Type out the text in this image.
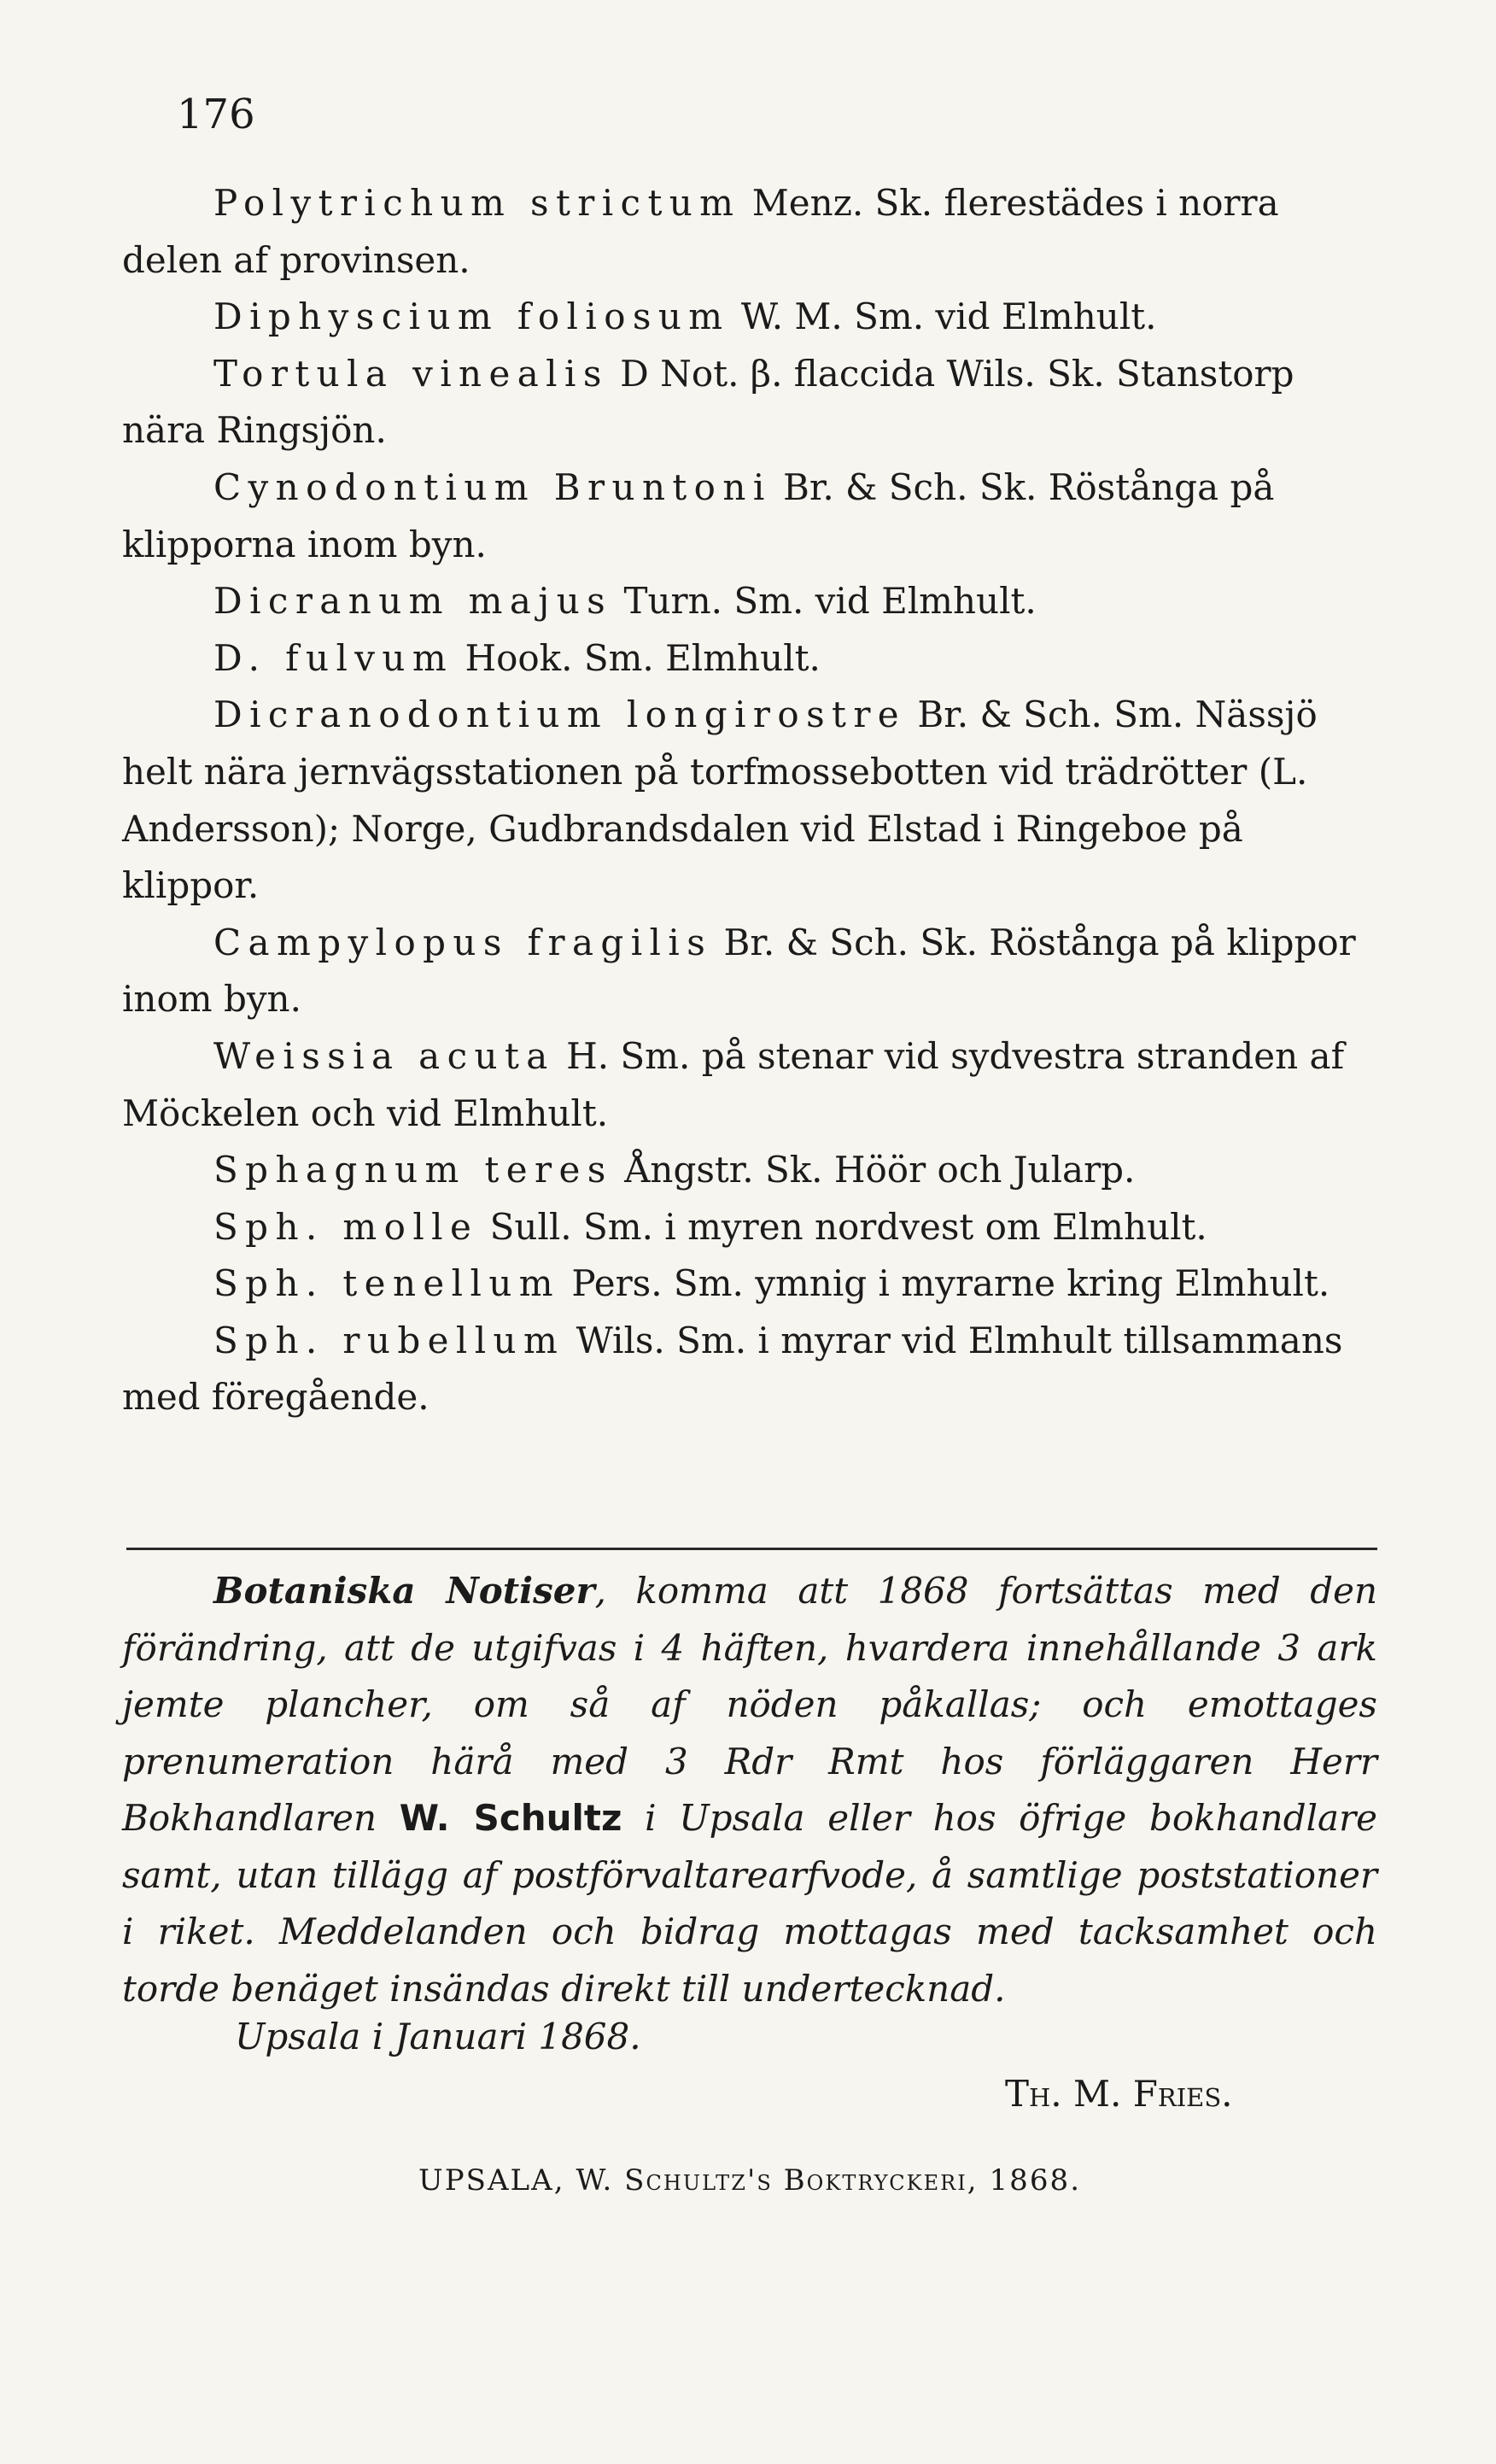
176

Polytrichum strictum Menz. Sk. flerestädes i norra delen af provinsen.

Diphyscium foliosum W. M. Sm. vid Elmhult.

Tortula vinealis D Not. β. flaccida Wils. Sk. Stanstorp nära Ringsjön.

Cynodontium Bruntoni Br. & Sch. Sk. Röstånga på klipporna inom byn.

Dicranum majus Turn. Sm. vid Elmhult.

D. fulvum Hook. Sm. Elmhult.

Dicranodontium longirostre Br. & Sch. Sm. Nässjö helt nära jernvägsstationen på torfmossebotten vid trädrötter (L. Andersson); Norge, Gudbrandsdalen vid Elstad i Ringeboe på klippor.

Campylopus fragilis Br. & Sch. Sk. Röstånga på klippor inom byn.

Weissia acuta H. Sm. på stenar vid sydvestra stranden af Möckelen och vid Elmhult.

Sphagnum teres Ångstr. Sk. Höör och Jularp.

Sph. molle Sull. Sm. i myren nordvest om Elmhult.

Sph. tenellum Pers. Sm. ymnig i myrarne kring Elmhult.

Sph. rubellum Wils. Sm. i myrar vid Elmhult tillsammans med föregående.

Botaniska Notiser, komma att 1868 fortsättas med den förändring, att de utgifvas i 4 häften, hvardera innehållande 3 ark jemte plancher, om så af nöden påkallas; och emottages prenumeration härå med 3 Rdr Rmt hos förläggaren Herr Bokhandlaren W. Schultz i Upsala eller hos öfrige bokhandlare samt, utan tillägg af postförvaltarearfvode, å samtlige poststationer i riket. Meddelanden och bidrag mottagas med tacksamhet och torde benäget insändas direkt till undertecknad.

Upsala i Januari 1868.
Th. M. Fries.
UPSALA, W. Schultz's Boktryckeri, 1868.
